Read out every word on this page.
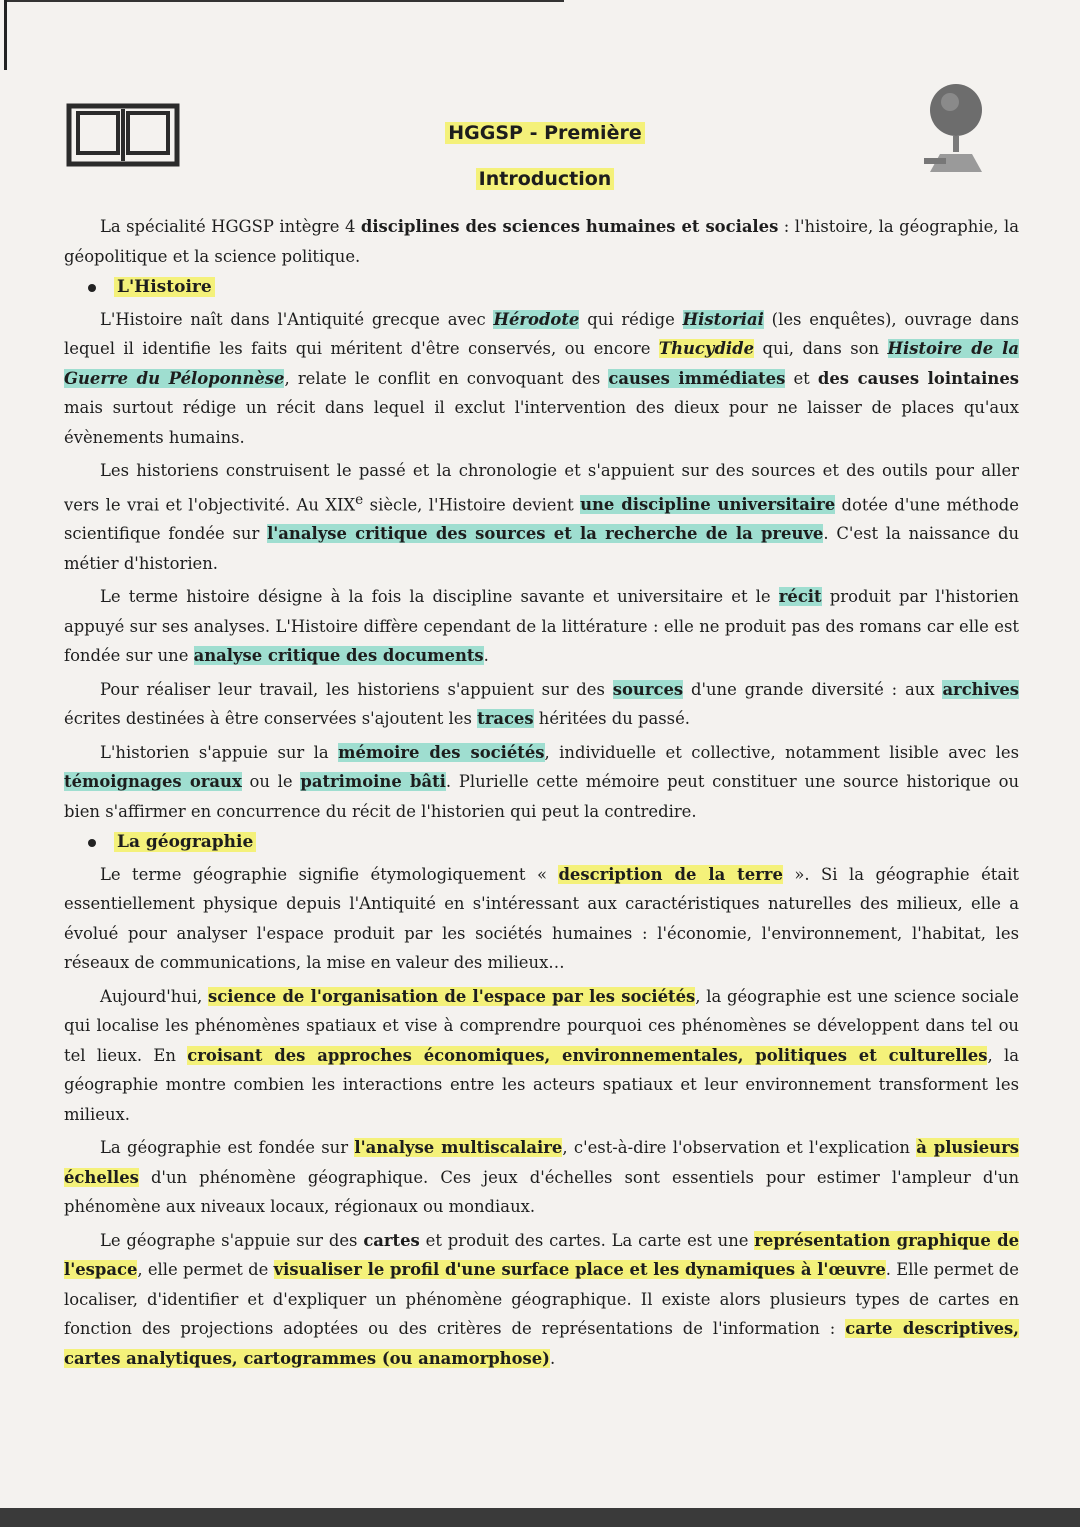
HGGSP - Première
Introduction

La spécialité HGGSP intègre 4 disciplines des sciences humaines et sociales : l'histoire, la géographie, la géopolitique et la science politique.

L'Histoire

L'Histoire naît dans l'Antiquité grecque avec Hérodote qui rédige Historiai (les enquêtes), ouvrage dans lequel il identifie les faits qui méritent d'être conservés, ou encore Thucydide qui, dans son Histoire de la Guerre du Péloponnèse, relate le conflit en convoquant des causes immédiates et des causes lointaines mais surtout rédige un récit dans lequel il exclut l'intervention des dieux pour ne laisser de places qu'aux évènements humains.

Les historiens construisent le passé et la chronologie et s'appuient sur des sources et des outils pour aller vers le vrai et l'objectivité. Au XIXe siècle, l'Histoire devient une discipline universitaire dotée d'une méthode scientifique fondée sur l'analyse critique des sources et la recherche de la preuve. C'est la naissance du métier d'historien.

Le terme histoire désigne à la fois la discipline savante et universitaire et le récit produit par l'historien appuyé sur ses analyses. L'Histoire diffère cependant de la littérature : elle ne produit pas des romans car elle est fondée sur une analyse critique des documents.

Pour réaliser leur travail, les historiens s'appuient sur des sources d'une grande diversité : aux archives écrites destinées à être conservées s'ajoutent les traces héritées du passé.

L'historien s'appuie sur la mémoire des sociétés, individuelle et collective, notamment lisible avec les témoignages oraux ou le patrimoine bâti. Plurielle cette mémoire peut constituer une source historique ou bien s'affirmer en concurrence du récit de l'historien qui peut la contredire.

La géographie

Le terme géographie signifie étymologiquement « description de la terre ». Si la géographie était essentiellement physique depuis l'Antiquité en s'intéressant aux caractéristiques naturelles des milieux, elle a évolué pour analyser l'espace produit par les sociétés humaines : l'économie, l'environnement, l'habitat, les réseaux de communications, la mise en valeur des milieux…

Aujourd'hui, science de l'organisation de l'espace par les sociétés, la géographie est une science sociale qui localise les phénomènes spatiaux et vise à comprendre pourquoi ces phénomènes se développent dans tel ou tel lieux. En croisant des approches économiques, environnementales, politiques et culturelles, la géographie montre combien les interactions entre les acteurs spatiaux et leur environnement transforment les milieux.

La géographie est fondée sur l'analyse multiscalaire, c'est-à-dire l'observation et l'explication à plusieurs échelles d'un phénomène géographique. Ces jeux d'échelles sont essentiels pour estimer l'ampleur d'un phénomène aux niveaux locaux, régionaux ou mondiaux.

Le géographe s'appuie sur des cartes et produit des cartes. La carte est une représentation graphique de l'espace, elle permet de visualiser le profil d'une surface place et les dynamiques à l'œuvre. Elle permet de localiser, d'identifier et d'expliquer un phénomène géographique. Il existe alors plusieurs types de cartes en fonction des projections adoptées ou des critères de représentations de l'information : carte descriptives, cartes analytiques, cartogrammes (ou anamorphose).
